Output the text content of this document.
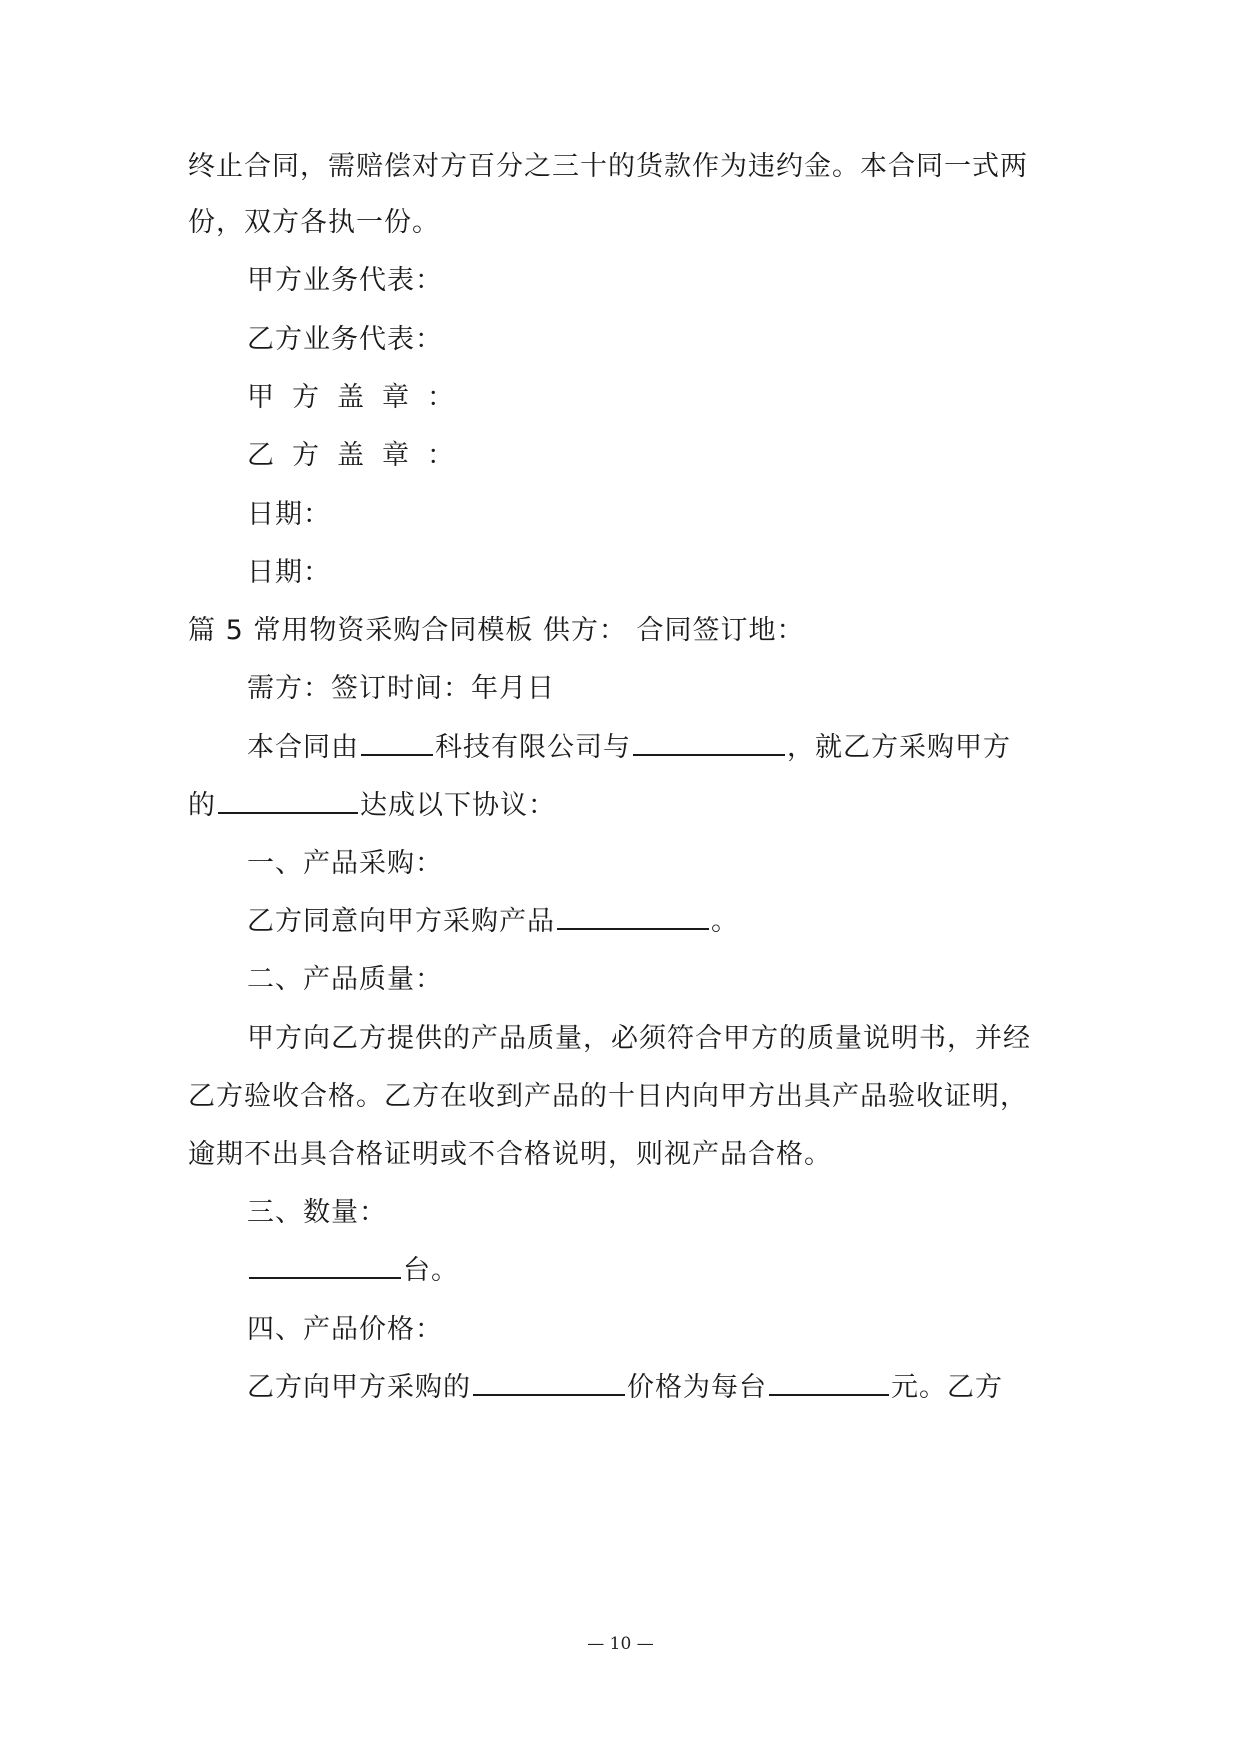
终止合同，需赔偿对方百分之三十的货款作为违约金。本合同一式两
份，双方各执一份。
甲方业务代表：
乙方业务代表：
甲方盖章：
乙方盖章：
日期：
日期：
篇 5 常用物资采购合同模板 供方： 合同签订地：
需方：签订时间：年月日
本合同由	科技有限公司与	，就乙方采购甲方
的	达成以下协议：
一、产品采购：
乙方同意向甲方采购产品	。
二、产品质量：
甲方向乙方提供的产品质量，必须符合甲方的质量说明书，并经
乙方验收合格。乙方在收到产品的十日内向甲方出具产品验收证明，
逾期不出具合格证明或不合格说明，则视产品合格。
三、数量：
台。
四、产品价格：
乙方向甲方采购的	价格为每台	元。乙方
— 10 —
